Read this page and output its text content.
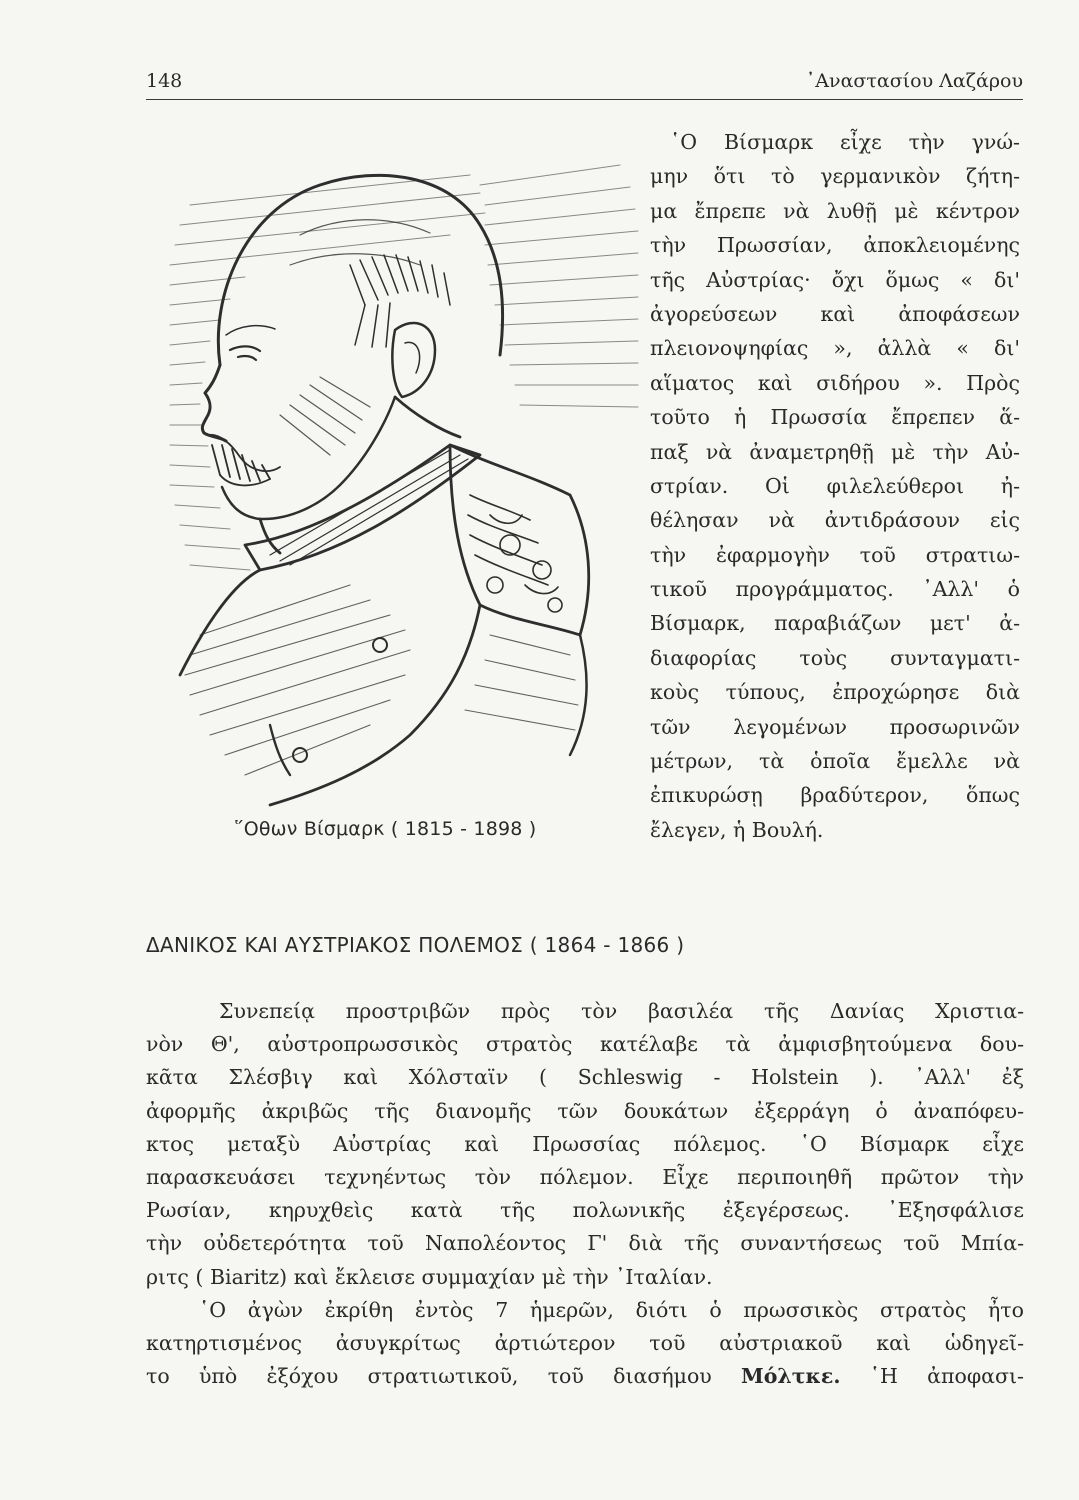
148	᾿Αναστασίου Λαζάρου
῞Οθων Βίσμαρκ ( 1815 - 1898 )
῾Ο Βίσμαρκ εἶχε τὴν γνώ-
μην ὅτι τὸ γερμανικὸν ζήτη-
μα ἔπρεπε νὰ λυθῇ μὲ κέντρον
τὴν Πρωσσίαν, ἀποκλειομένης
τῆς Αὐστρίας· ὄχι ὅμως « δι'
ἀγορεύσεων καὶ ἀποφάσεων
πλειονοψηφίας », ἀλλὰ « δι'
αἵματος καὶ σιδήρου ». Πρὸς
τοῦτο ἡ Πρωσσία ἔπρεπεν ἅ-
παξ νὰ ἀναμετρηθῇ μὲ τὴν Αὐ-
στρίαν. Οἱ φιλελεύθεροι ἠ-
θέλησαν νὰ ἀντιδράσουν εἰς
τὴν ἐφαρμογὴν τοῦ στρατιω-
τικοῦ προγράμματος. ᾿Αλλ' ὁ
Βίσμαρκ, παραβιάζων μετ' ἀ-
διαφορίας τοὺς συνταγματι-
κοὺς τύπους, ἐπροχώρησε διὰ
τῶν λεγομένων προσωρινῶν
μέτρων, τὰ ὁποῖα ἔμελλε νὰ
ἐπικυρώσῃ βραδύτερον, ὅπως
ἔλεγεν, ἡ Βουλή.
ΔΑΝΙΚΟΣ ΚΑΙ ΑΥΣΤΡΙΑΚΟΣ ΠΟΛΕΜΟΣ ( 1864 - 1866 )
Συνεπείᾳ προστριβῶν πρὸς τὸν βασιλέα τῆς Δανίας Χριστια-
νὸν Θ', αὐστροπρωσσικὸς στρατὸς κατέλαβε τὰ ἀμφισβητούμενα δου-
κᾶτα Σλέσβιγ καὶ Χόλσταϊν ( Schleswig - Holstein ). ᾿Αλλ' ἐξ
ἀφορμῆς ἀκριβῶς τῆς διανομῆς τῶν δουκάτων ἐξερράγη ὁ ἀναπόφευ-
κτος μεταξὺ Αὐστρίας καὶ Πρωσσίας πόλεμος. ῾Ο Βίσμαρκ εἶχε
παρασκευάσει τεχνηέντως τὸν πόλεμον. Εἶχε περιποιηθῆ πρῶτον τὴν
Ρωσίαν, κηρυχθεὶς κατὰ τῆς πολωνικῆς ἐξεγέρσεως. ᾿Εξησφάλισε
τὴν οὐδετερότητα τοῦ Ναπολέοντος Γ' διὰ τῆς συναντήσεως τοῦ Μπία-
ριτς ( Biaritz) καὶ ἔκλεισε συμμαχίαν μὲ τὴν ᾿Ιταλίαν.
῾Ο ἀγὼν ἐκρίθη ἐντὸς 7 ἡμερῶν, διότι ὁ πρωσσικὸς στρατὸς ἦτο
κατηρτισμένος ἀσυγκρίτως ἀρτιώτερον τοῦ αὐστριακοῦ καὶ ὡδηγεῖ-
το ὑπὸ ἐξόχου στρατιωτικοῦ, τοῦ διασήμου Μόλτκε. ῾Η ἀποφασι-
